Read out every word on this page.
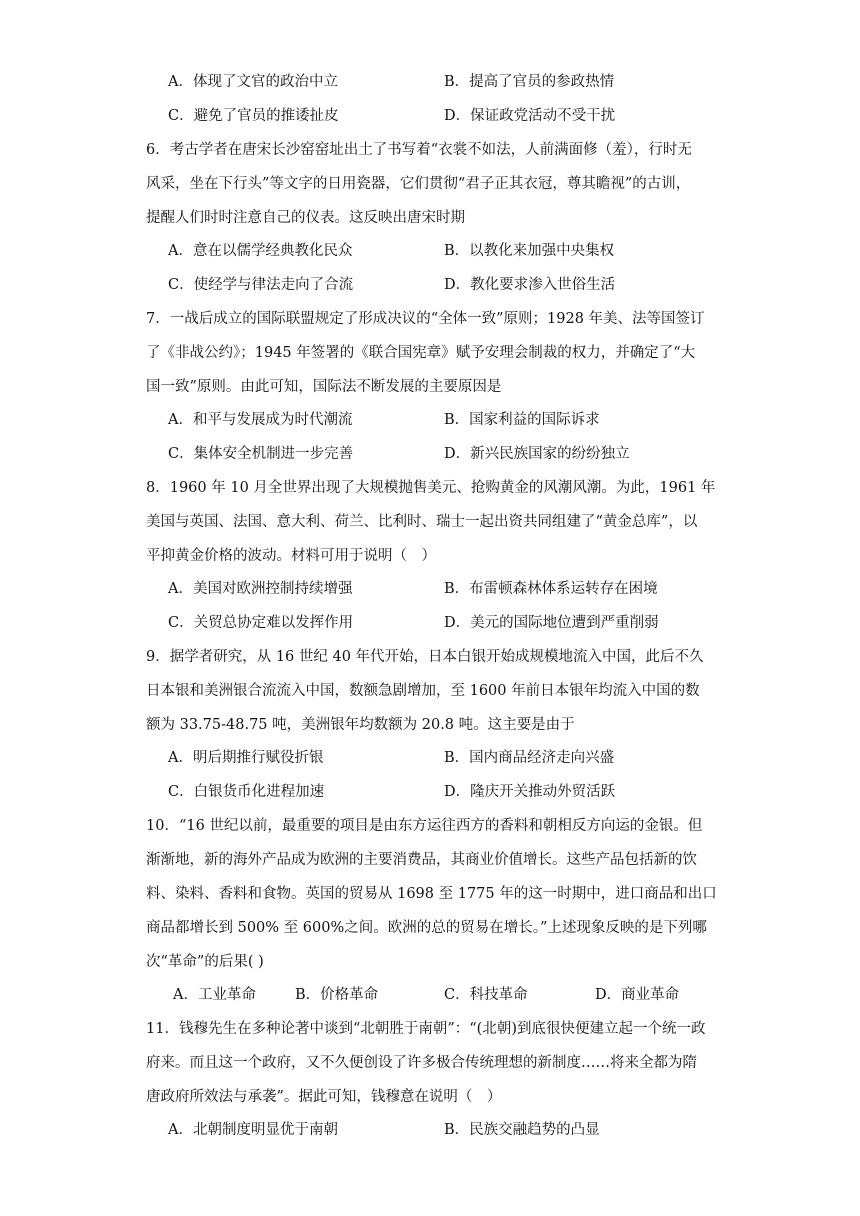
A．体现了文官的政治中立	B．提高了官员的参政热情
C．避免了官员的推诿扯皮	D．保证政党活动不受干扰
6．考古学者在唐宋长沙窑窑址出土了书写着“衣裳不如法，人前满面修（羞），行时无
风采，坐在下行头”等文字的日用瓷器，它们贯彻“君子正其衣冠，尊其瞻视”的古训，
提醒人们时时注意自己的仪表。这反映出唐宋时期
A．意在以儒学经典教化民众	B．以教化来加强中央集权
C．使经学与律法走向了合流	D．教化要求渗入世俗生活
7．一战后成立的国际联盟规定了形成决议的“全体一致”原则；1928 年美、法等国签订
了《非战公约》；1945 年签署的《联合国宪章》赋予安理会制裁的权力，并确定了“大
国一致”原则。由此可知，国际法不断发展的主要原因是
A．和平与发展成为时代潮流	B．国家利益的国际诉求
C．集体安全机制进一步完善	D．新兴民族国家的纷纷独立
8．1960 年 10 月全世界出现了大规模抛售美元、抢购黄金的风潮风潮。为此，1961 年
美国与英国、法国、意大利、荷兰、比利时、瑞士一起出资共同组建了“黄金总库”，以
平抑黄金价格的波动。材料可用于说明（　）
A．美国对欧洲控制持续增强	B．布雷顿森林体系运转存在困境
C．关贸总协定难以发挥作用	D．美元的国际地位遭到严重削弱
9．据学者研究，从 16 世纪 40 年代开始，日本白银开始成规模地流入中国，此后不久
日本银和美洲银合流流入中国，数额急剧增加，至 1600 年前日本银年均流入中国的数
额为 33.75-48.75 吨，美洲银年均数额为 20.8 吨。这主要是由于
A．明后期推行赋役折银	B．国内商品经济走向兴盛
C．白银货币化进程加速	D．隆庆开关推动外贸活跃
10．“16 世纪以前，最重要的项目是由东方运往西方的香料和朝相反方向运的金银。但
渐渐地，新的海外产品成为欧洲的主要消费品，其商业价值增长。这些产品包括新的饮
料、染料、香料和食物。英国的贸易从 1698 至 1775 年的这一时期中，进口商品和出口
商品都增长到 500% 至 600%之间。欧洲的总的贸易在增长。”上述现象反映的是下列哪
次“革命”的后果( )
A．工业革命	B．价格革命	C．科技革命	D．商业革命
11．钱穆先生在多种论著中谈到“北朝胜于南朝”：“(北朝)到底很快便建立起一个统一政
府来。而且这一个政府，又不久便创设了许多极合传统理想的新制度……将来全都为隋
唐政府所效法与承袭”。据此可知，钱穆意在说明（　）
A．北朝制度明显优于南朝	B．民族交融趋势的凸显
